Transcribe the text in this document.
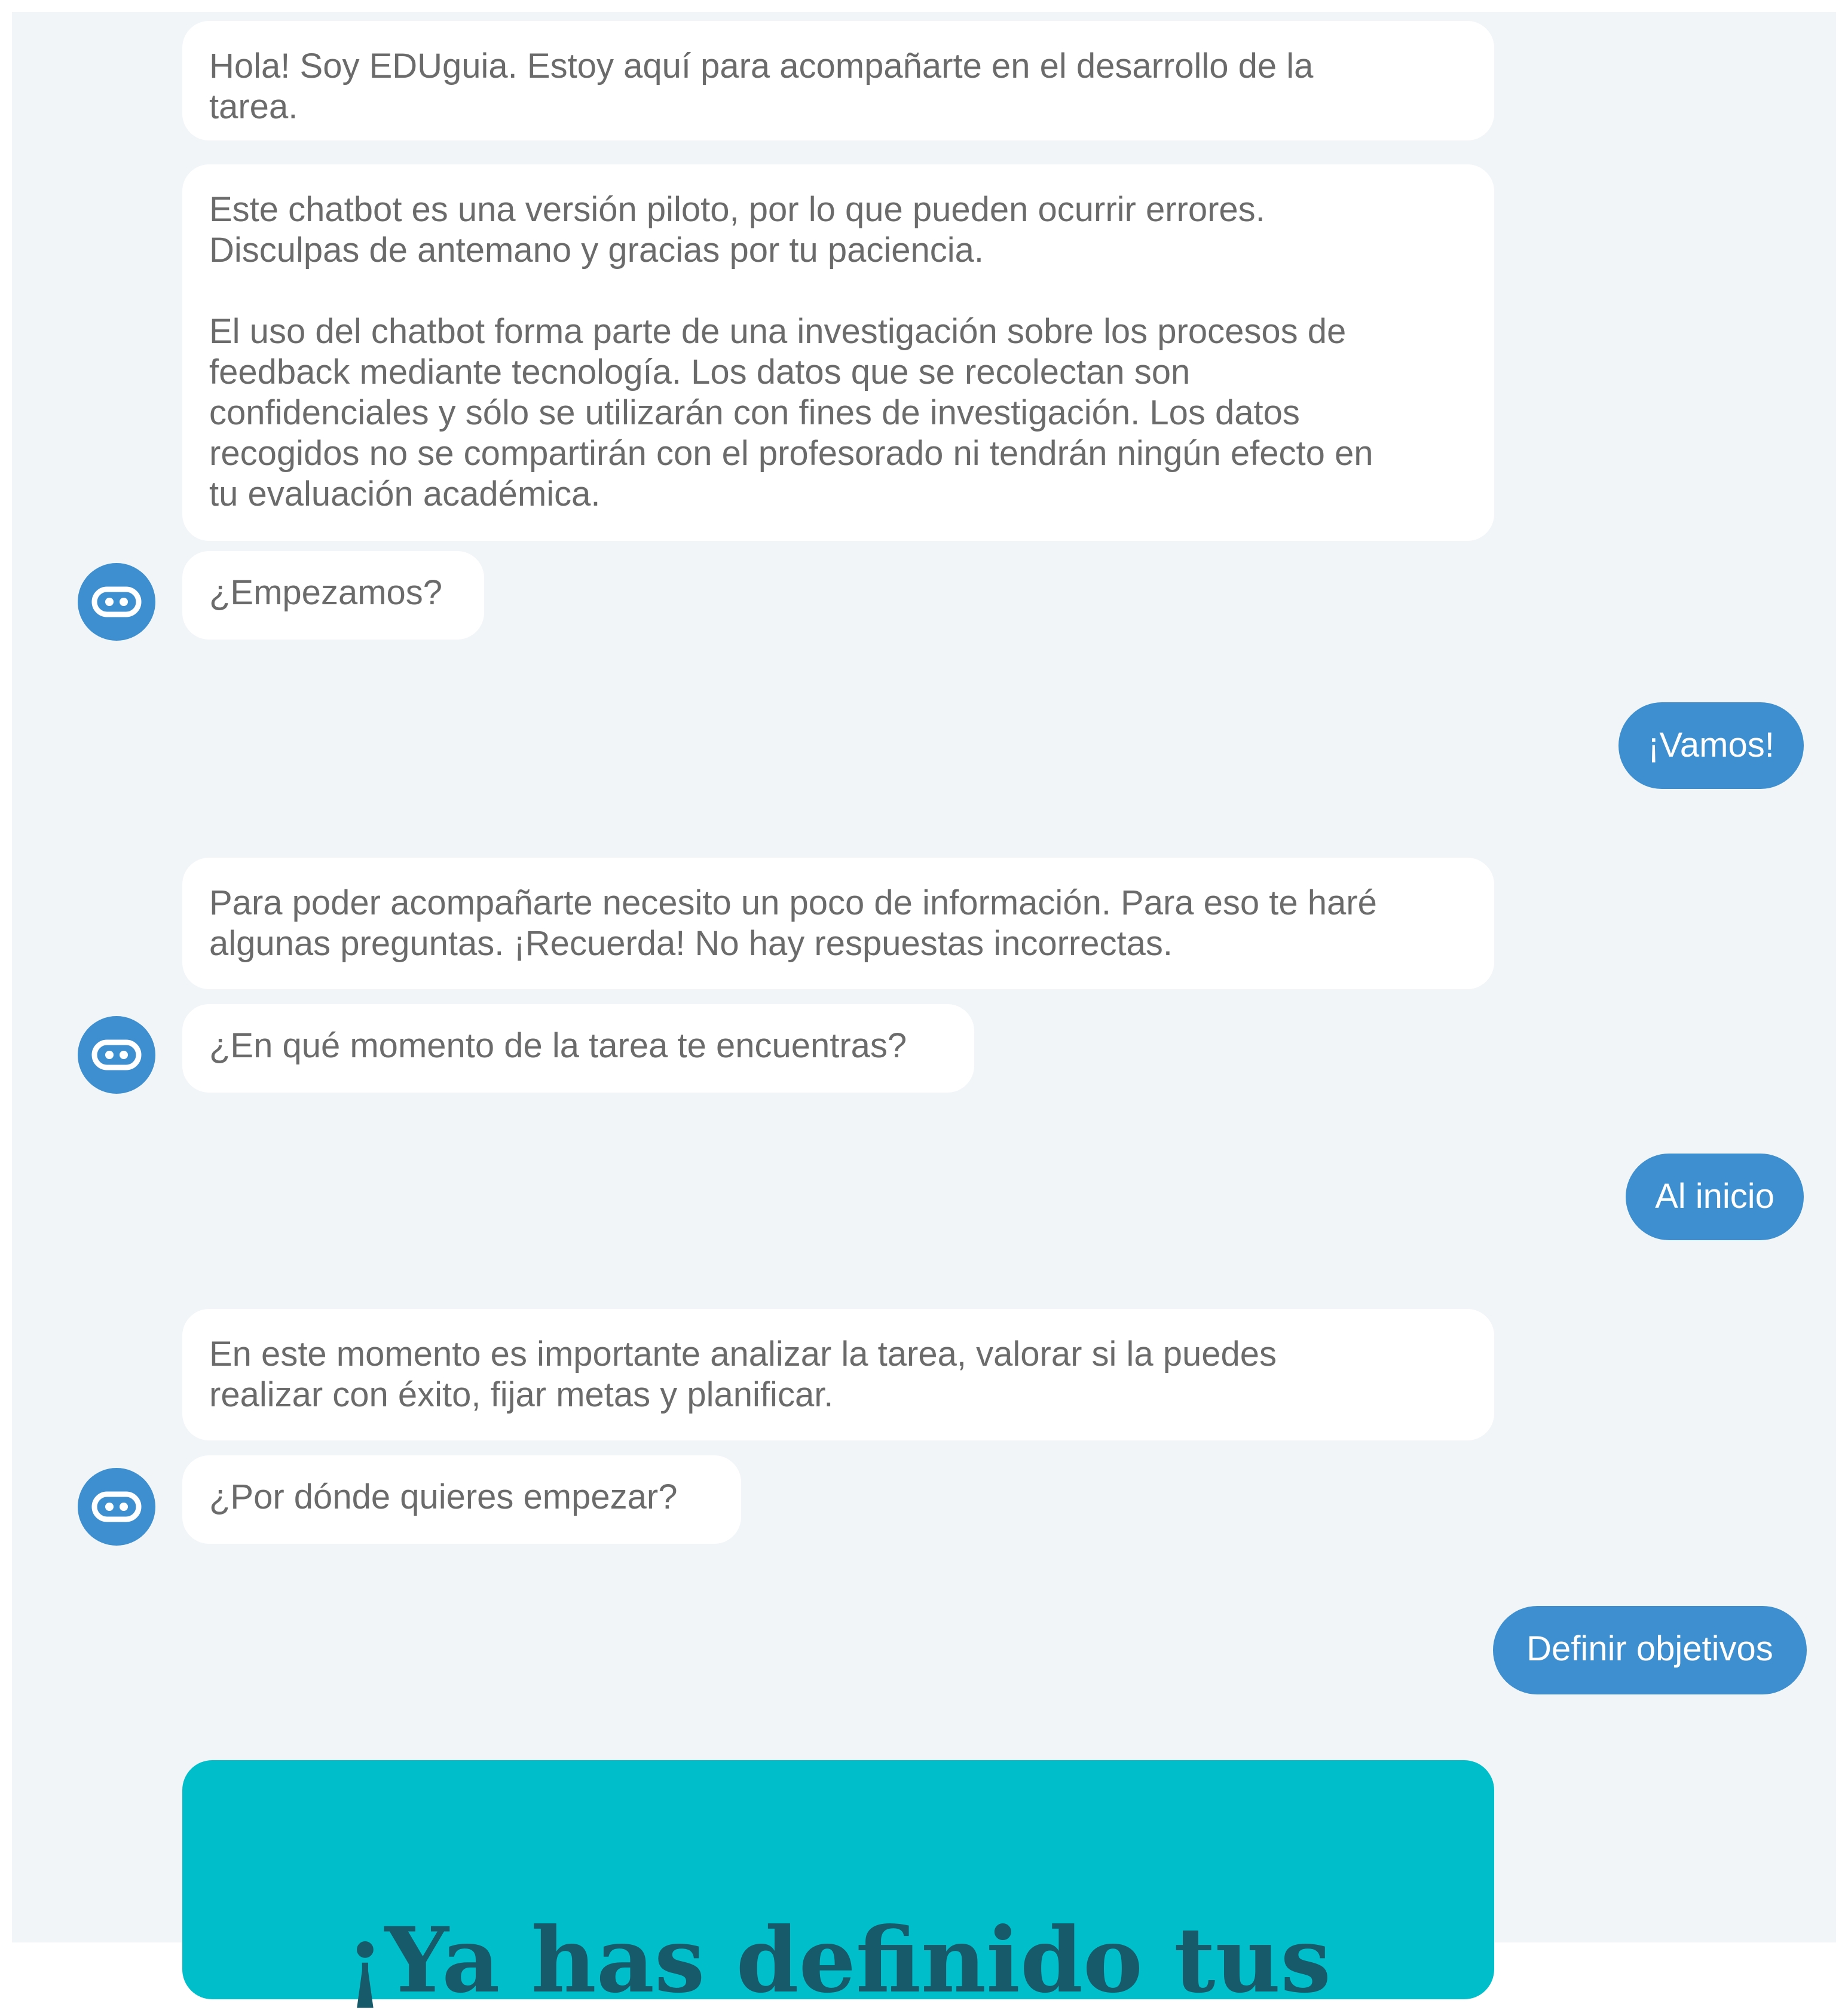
Hola! Soy EDUguia. Estoy aquí para acompañarte en el desarrollo de la
tarea.
Este chatbot es una versión piloto, por lo que pueden ocurrir errores.
Disculpas de antemano y gracias por tu paciencia.

El uso del chatbot forma parte de una investigación sobre los procesos de
feedback mediante tecnología. Los datos que se recolectan son
confidenciales y sólo se utilizarán con fines de investigación. Los datos
recogidos no se compartirán con el profesorado ni tendrán ningún efecto en
tu evaluación académica.
¿Empezamos?
¡Vamos!
Para poder acompañarte necesito un poco de información. Para eso te haré
algunas preguntas. ¡Recuerda! No hay respuestas incorrectas.
¿En qué momento de la tarea te encuentras?
Al inicio
En este momento es importante analizar la tarea, valorar si la puedes
realizar con éxito, fijar metas y planificar.
¿Por dónde quieres empezar?
Definir objetivos
¡Ya has definido tus
